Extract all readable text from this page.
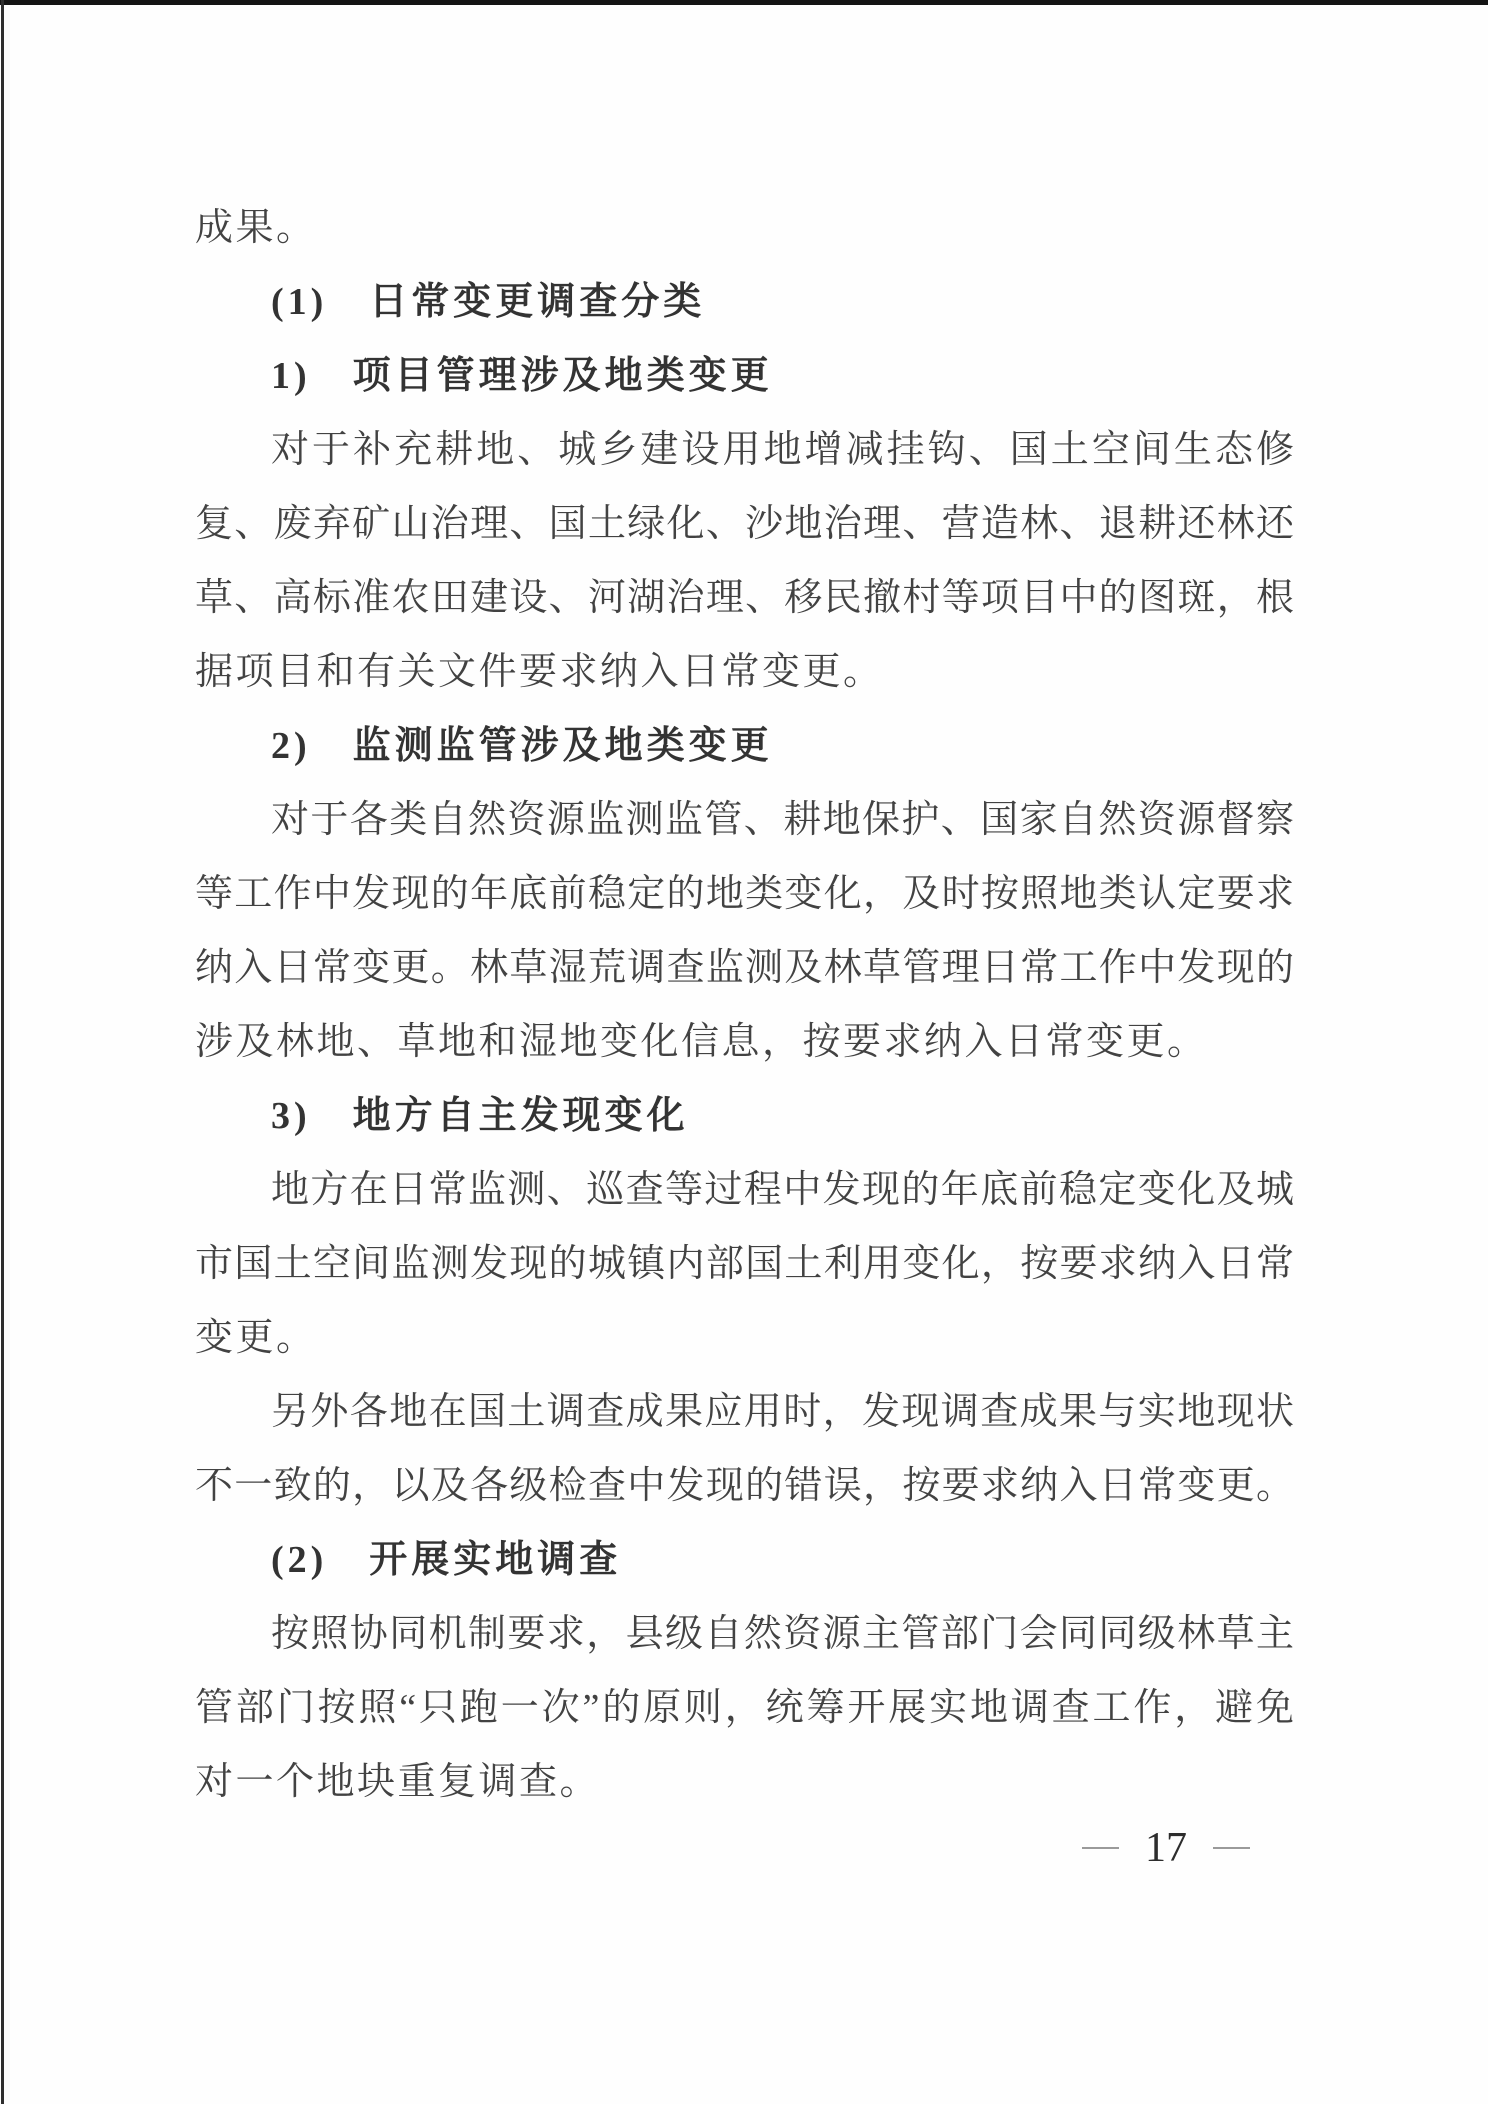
成果。

(1)　日常变更调查分类

1)　项目管理涉及地类变更

对于补充耕地、城乡建设用地增减挂钩、国土空间生态修

复、废弃矿山治理、国土绿化、沙地治理、营造林、退耕还林还

草、高标准农田建设、河湖治理、移民撤村等项目中的图斑，根

据项目和有关文件要求纳入日常变更。

2)　监测监管涉及地类变更

对于各类自然资源监测监管、耕地保护、国家自然资源督察

等工作中发现的年底前稳定的地类变化，及时按照地类认定要求

纳入日常变更。林草湿荒调查监测及林草管理日常工作中发现的

涉及林地、草地和湿地变化信息，按要求纳入日常变更。

3)　地方自主发现变化

地方在日常监测、巡查等过程中发现的年底前稳定变化及城

市国土空间监测发现的城镇内部国土利用变化，按要求纳入日常

变更。

另外各地在国土调查成果应用时，发现调查成果与实地现状

不一致的，以及各级检查中发现的错误，按要求纳入日常变更。

(2)　开展实地调查

按照协同机制要求，县级自然资源主管部门会同同级林草主

管部门按照“只跑一次”的原则，统筹开展实地调查工作，避免

对一个地块重复调查。

17
